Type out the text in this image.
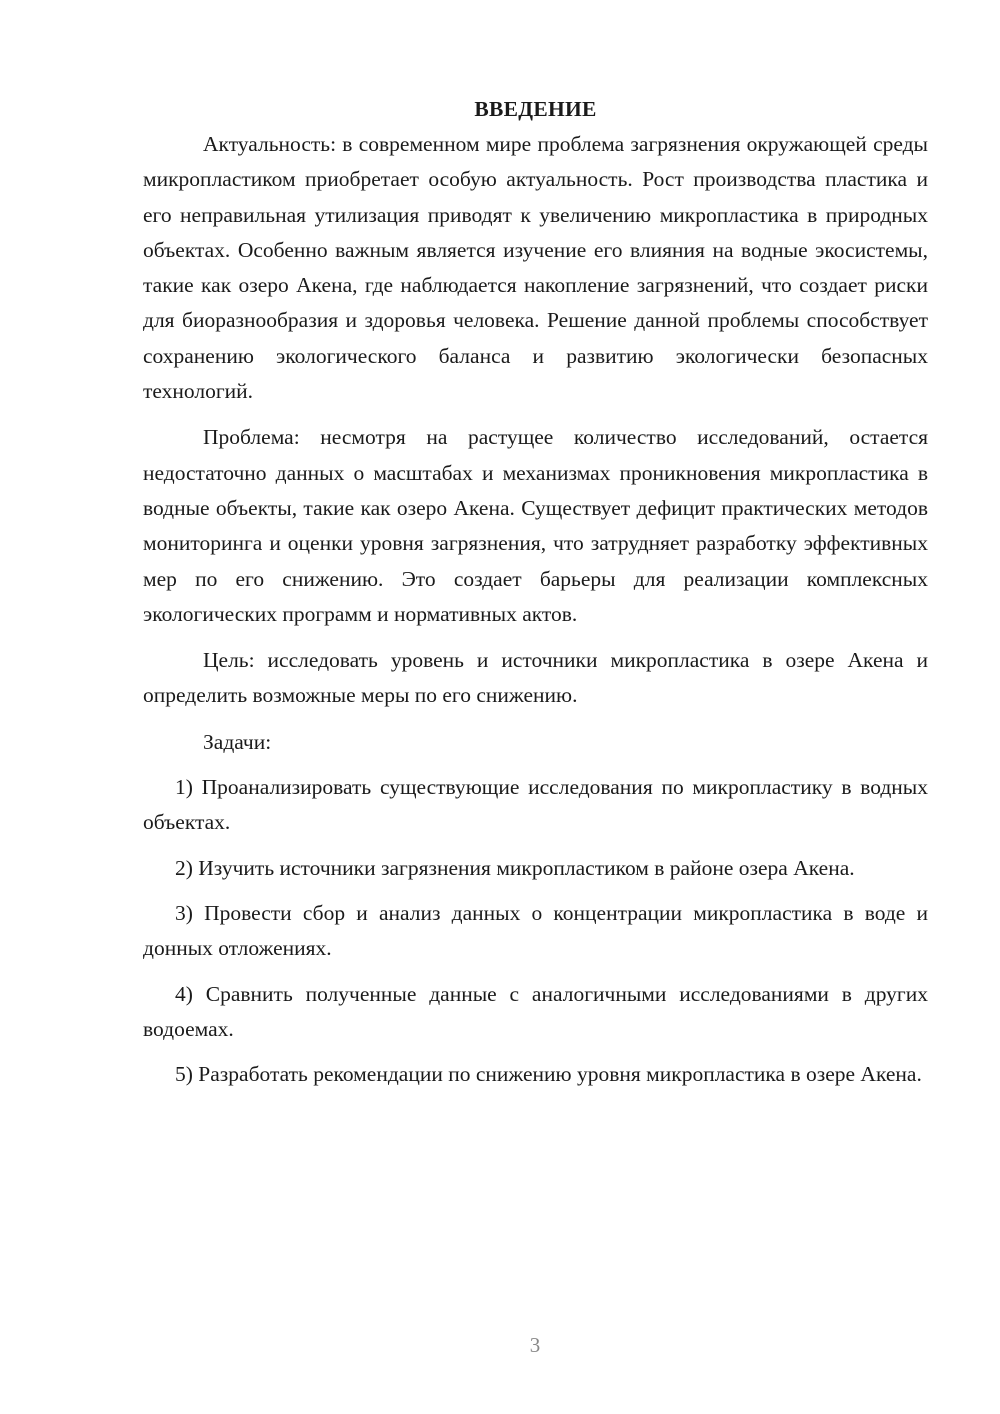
ВВЕДЕНИЕ

Актуальность: в современном мире проблема загрязнения окружающей среды микропластиком приобретает особую актуальность. Рост производства пластика и его неправильная утилизация приводят к увеличению микропластика в природных объектах. Особенно важным является изучение его влияния на водные экосистемы, такие как озеро Акена, где наблюдается накопление загрязнений, что создает риски для биоразнообразия и здоровья человека. Решение данной проблемы способствует сохранению экологического баланса и развитию экологически безопасных технологий.

Проблема: несмотря на растущее количество исследований, остается недостаточно данных о масштабах и механизмах проникновения микропластика в водные объекты, такие как озеро Акена. Существует дефицит практических методов мониторинга и оценки уровня загрязнения, что затрудняет разработку эффективных мер по его снижению. Это создает барьеры для реализации комплексных экологических программ и нормативных актов.

Цель: исследовать уровень и источники микропластика в озере Акена и определить возможные меры по его снижению.

Задачи:

1) Проанализировать существующие исследования по микропластику в водных объектах.

2) Изучить источники загрязнения микропластиком в районе озера Акена.

3) Провести сбор и анализ данных о концентрации микропластика в воде и донных отложениях.

4) Сравнить полученные данные с аналогичными исследованиями в других водоемах.

5) Разработать рекомендации по снижению уровня микропластика в озере Акена.

3
